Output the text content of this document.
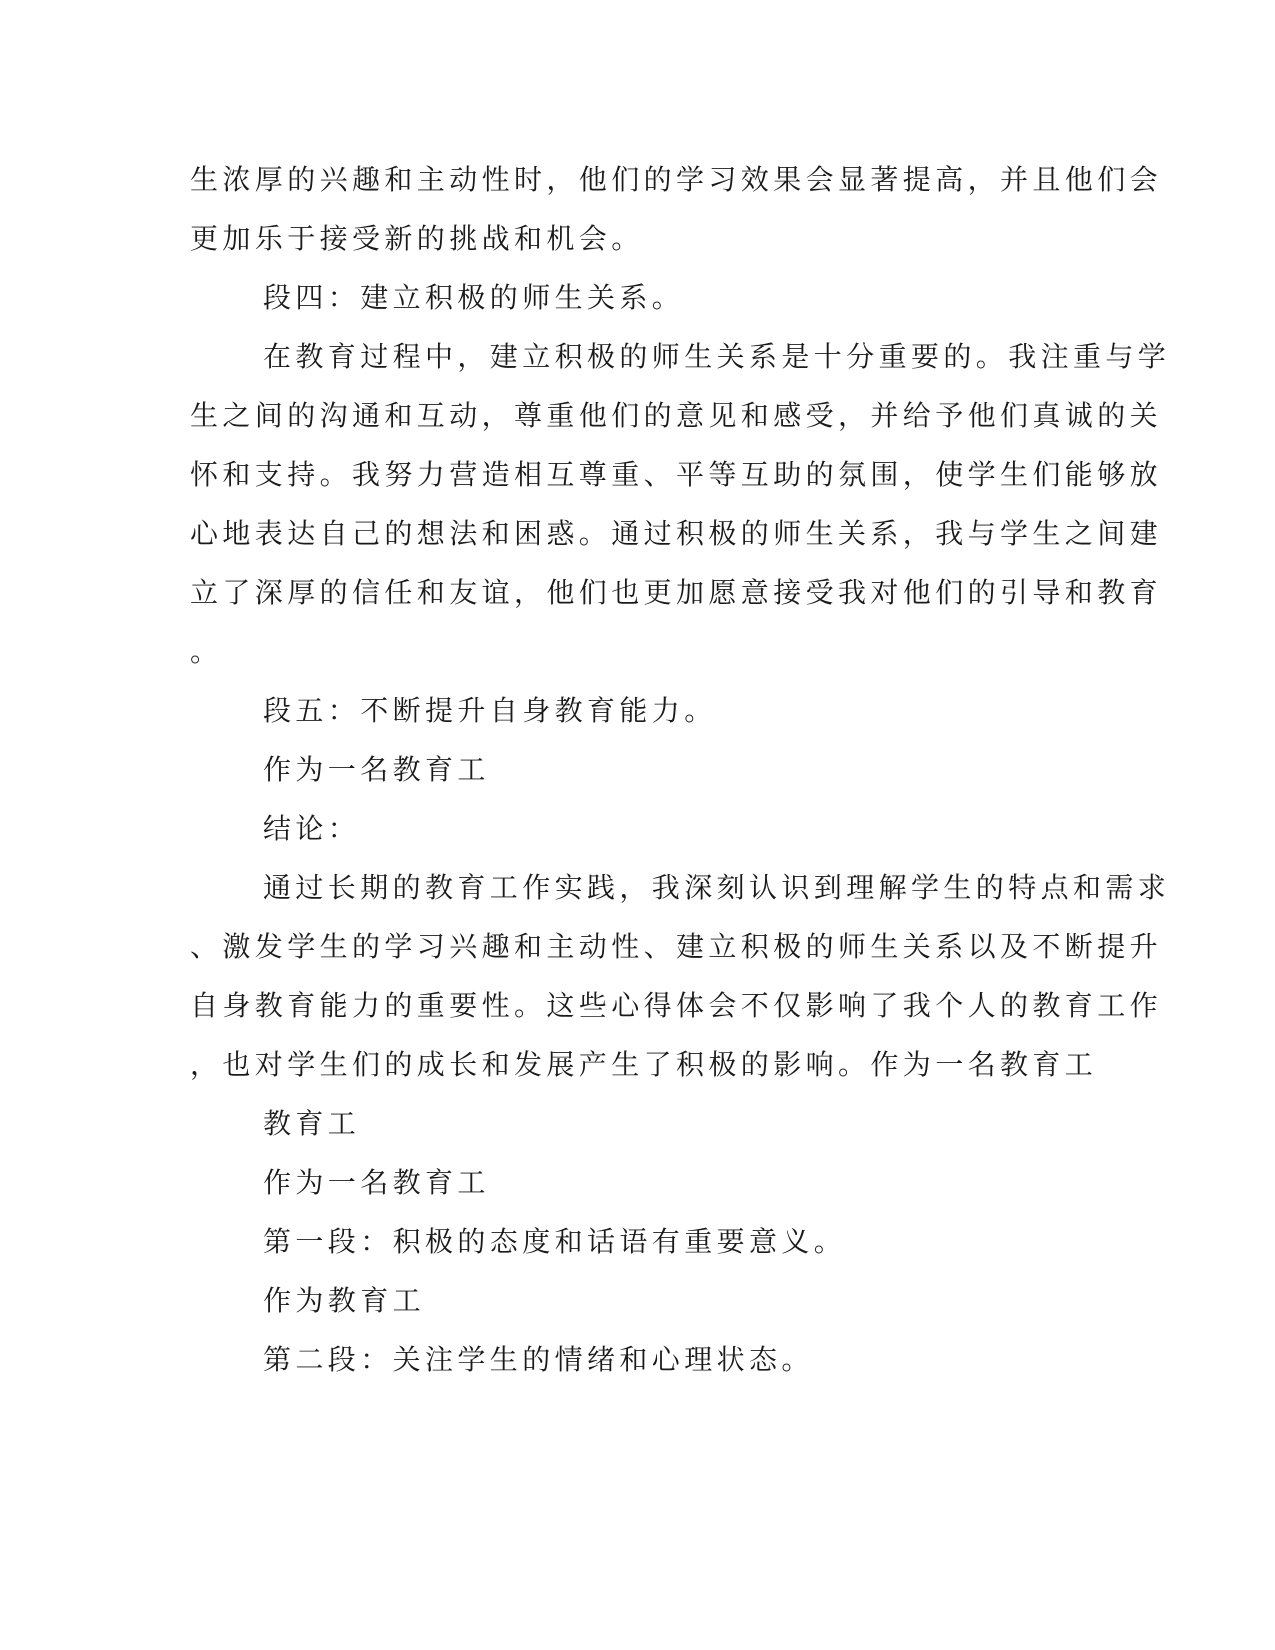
生浓厚的兴趣和主动性时，他们的学习效果会显著提高，并且他们会

更加乐于接受新的挑战和机会。

段四：建立积极的师生关系。

在教育过程中，建立积极的师生关系是十分重要的。我注重与学

生之间的沟通和互动，尊重他们的意见和感受，并给予他们真诚的关

怀和支持。我努力营造相互尊重、平等互助的氛围，使学生们能够放

心地表达自己的想法和困惑。通过积极的师生关系，我与学生之间建

立了深厚的信任和友谊，他们也更加愿意接受我对他们的引导和教育

。

段五：不断提升自身教育能力。

作为一名教育工

结论：

通过长期的教育工作实践，我深刻认识到理解学生的特点和需求

、激发学生的学习兴趣和主动性、建立积极的师生关系以及不断提升

自身教育能力的重要性。这些心得体会不仅影响了我个人的教育工作

，也对学生们的成长和发展产生了积极的影响。作为一名教育工

教育工

作为一名教育工

第一段：积极的态度和话语有重要意义。

作为教育工

第二段：关注学生的情绪和心理状态。
